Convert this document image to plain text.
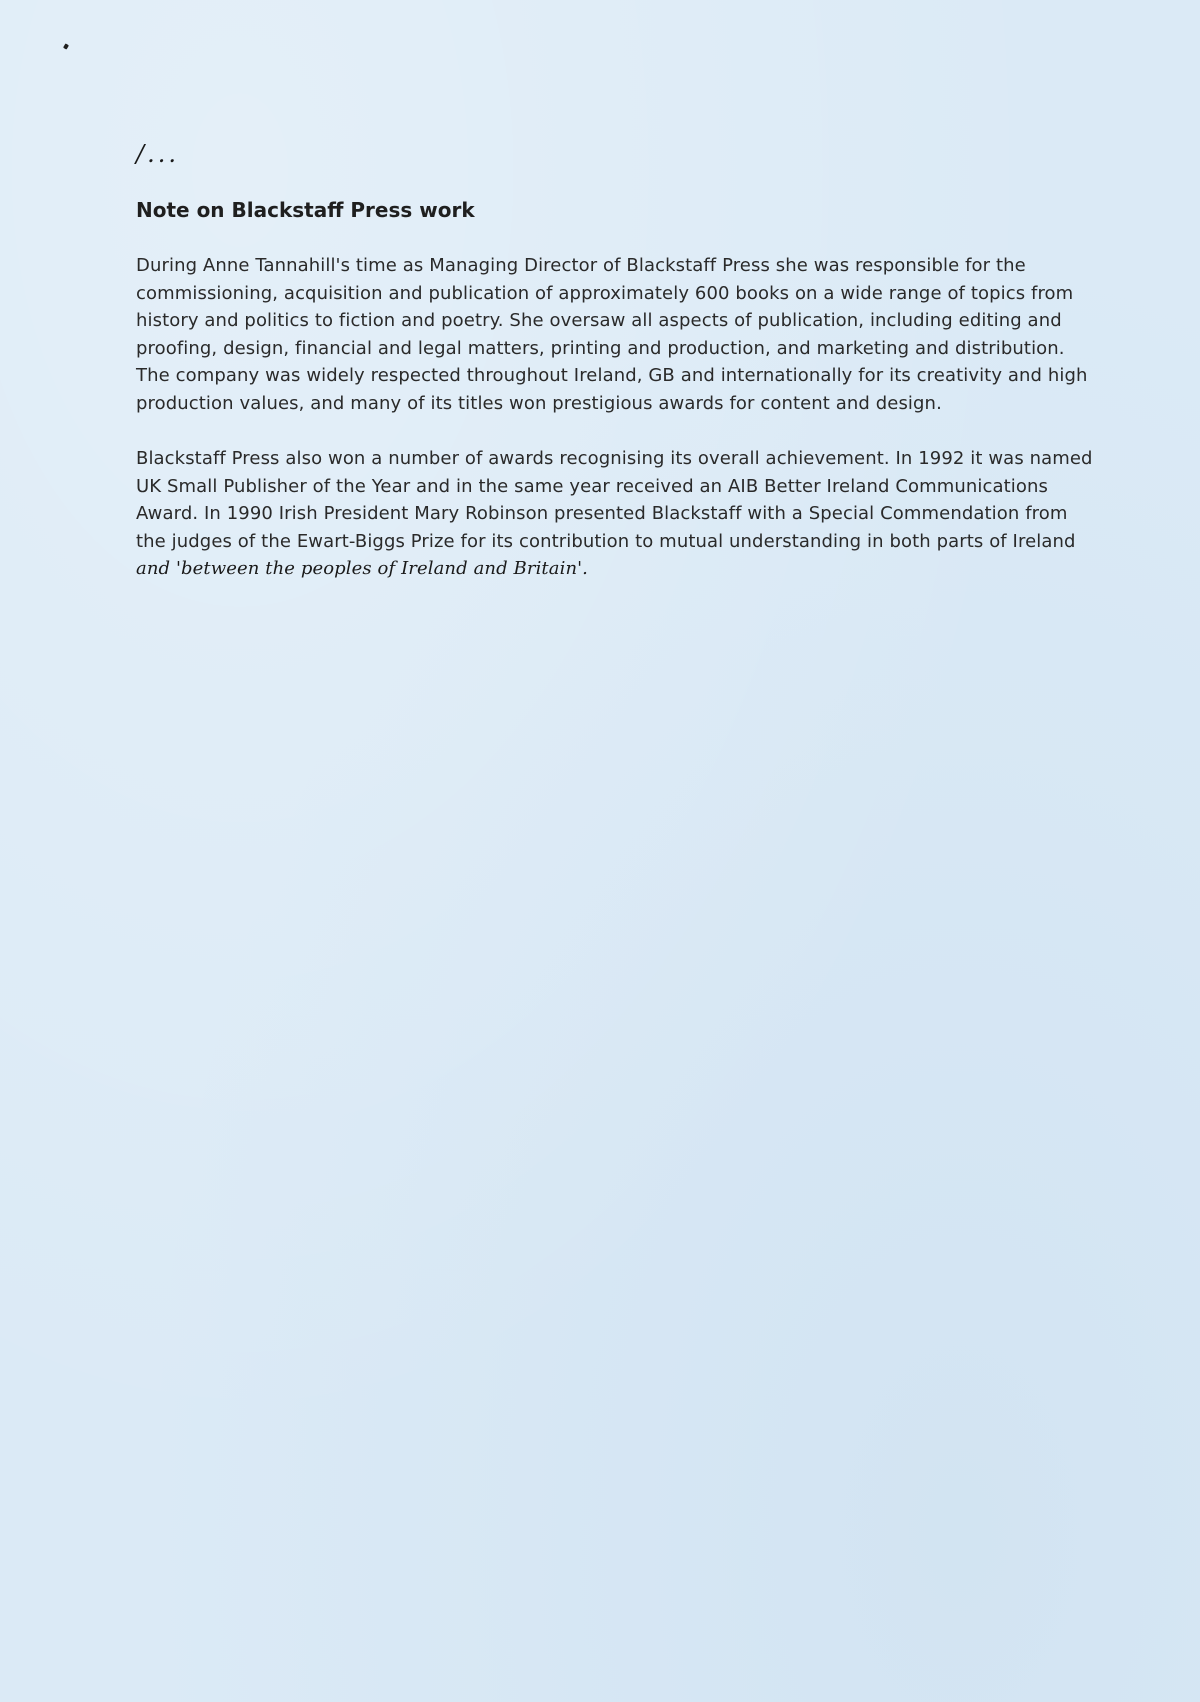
/...
Note on Blackstaff Press work

During Anne Tannahill's time as Managing Director of Blackstaff Press she was responsible for the commissioning, acquisition and publication of approximately 600 books on a wide range of topics from history and politics to fiction and poetry. She oversaw all aspects of publication, including editing and proofing, design, financial and legal matters, printing and production, and marketing and distribution. The company was widely respected throughout Ireland, GB and internationally for its creativity and high production values, and many of its titles won prestigious awards for content and design.

Blackstaff Press also won a number of awards recognising its overall achievement. In 1992 it was named UK Small Publisher of the Year and in the same year received an AIB Better Ireland Communications Award. In 1990 Irish President Mary Robinson presented Blackstaff with a Special Commendation from the judges of the Ewart-Biggs Prize for its contribution to mutual understanding in both parts of Ireland and 'between the peoples of Ireland and Britain'.
